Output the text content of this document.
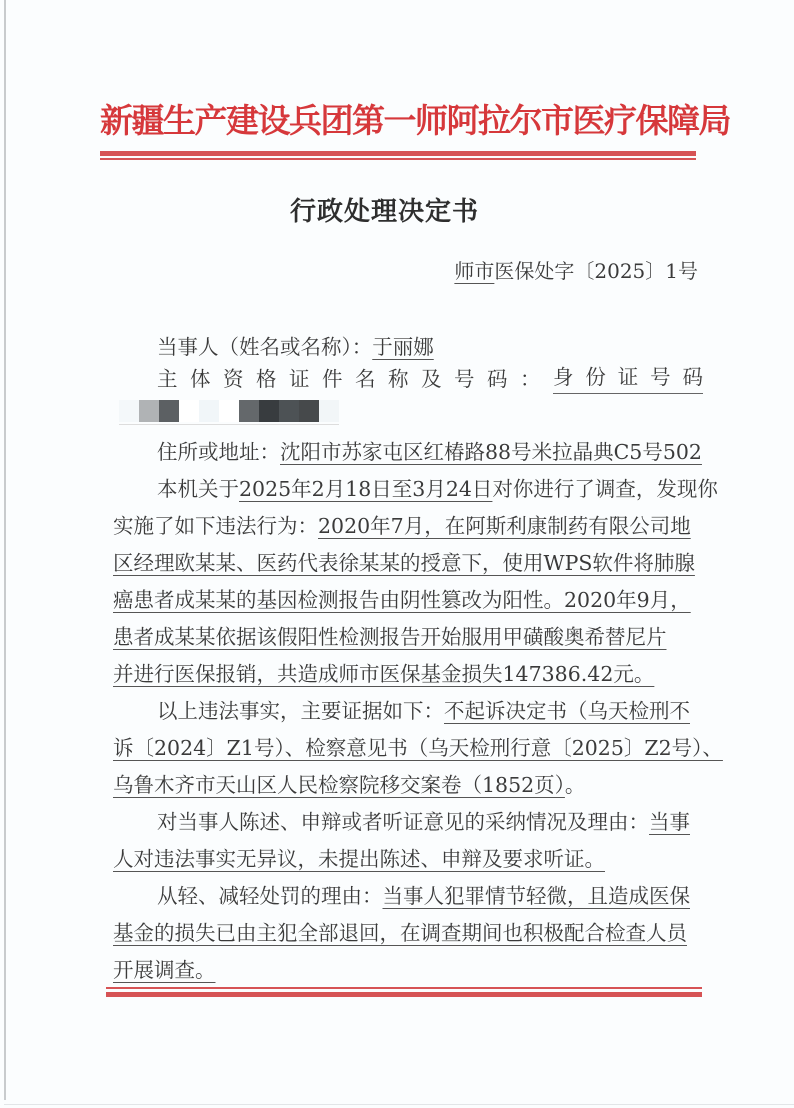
新疆生产建设兵团第一师阿拉尔市医疗保障局
行政处理决定书
师市医保处字〔2025〕1号
当事人（姓名或名称）：于丽娜
主 体 资 格 证 件 名 称 及 号 码 ： 身 份 证 号 码
住所或地址：沈阳市苏家屯区红椿路88号米拉晶典C5号502
本机关于2025年2月18日至3月24日对你进行了调查，发现你
实施了如下违法行为：2020年7月，在阿斯利康制药有限公司地
区经理欧某某、医药代表徐某某的授意下，使用WPS软件将肺腺
癌患者成某某的基因检测报告由阴性篡改为阳性。2020年9月，
患者成某某依据该假阳性检测报告开始服用甲磺酸奥希替尼片
并进行医保报销，共造成师市医保基金损失147386.42元。
以上违法事实，主要证据如下：不起诉决定书（乌天检刑不
诉〔2024〕Z1号）、检察意见书（乌天检刑行意〔2025〕Z2号）、
乌鲁木齐市天山区人民检察院移交案卷（1852页）。
对当事人陈述、申辩或者听证意见的采纳情况及理由：当事
人对违法事实无异议，未提出陈述、申辩及要求听证。
从轻、减轻处罚的理由：当事人犯罪情节轻微，且造成医保
基金的损失已由主犯全部退回，在调查期间也积极配合检查人员
开展调查。
